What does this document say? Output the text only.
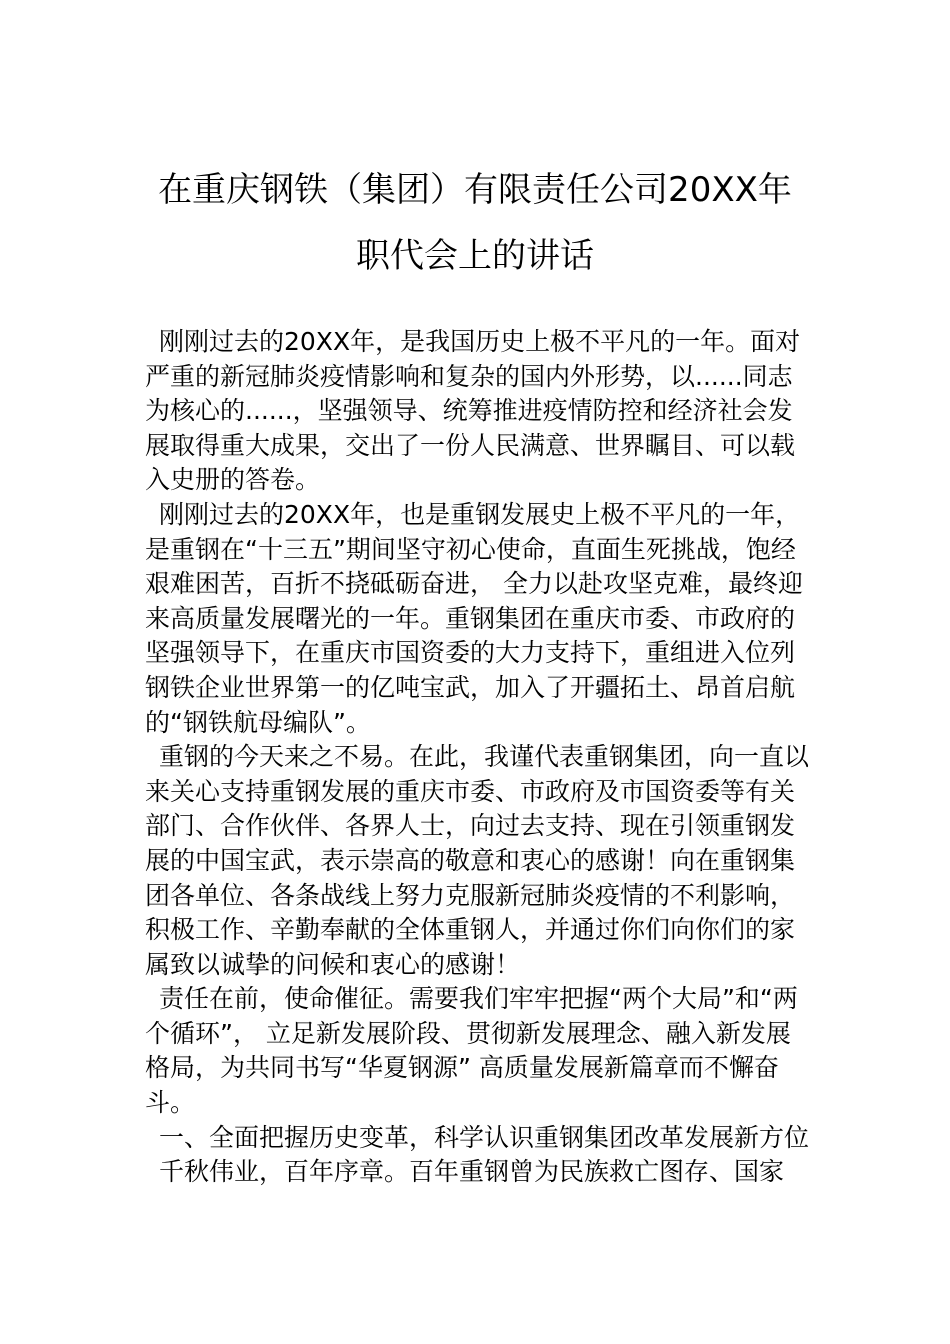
在重庆钢铁（集团）有限责任公司20XX年
职代会上的讲话

刚刚过去的20XX年，是我国历史上极不平凡的一年。面对严重的新冠肺炎疫情影响和复杂的国内外形势，以......同志为核心的......，坚强领导、统筹推进疫情防控和经济社会发展取得重大成果，交出了一份人民满意、世界瞩目、可以载入史册的答卷。

刚刚过去的20XX年，也是重钢发展史上极不平凡的一年，是重钢在“十三五”期间坚守初心使命，直面生死挑战，饱经艰难困苦，百折不挠砥砺奋进， 全力以赴攻坚克难，最终迎来高质量发展曙光的一年。重钢集团在重庆市委、市政府的坚强领导下，在重庆市国资委的大力支持下，重组进入位列钢铁企业世界第一的亿吨宝武，加入了开疆拓土、昂首启航的“钢铁航母编队”。

重钢的今天来之不易。在此，我谨代表重钢集团，向一直以来关心支持重钢发展的重庆市委、市政府及市国资委等有关部门、合作伙伴、各界人士，向过去支持、现在引领重钢发展的中国宝武，表示崇高的敬意和衷心的感谢！向在重钢集团各单位、各条战线上努力克服新冠肺炎疫情的不利影响，积极工作、辛勤奉献的全体重钢人，并通过你们向你们的家属致以诚挚的问候和衷心的感谢！

责任在前，使命催征。需要我们牢牢把握“两个大局”和“两个循环”， 立足新发展阶段、贯彻新发展理念、融入新发展格局，为共同书写“华夏钢源” 高质量发展新篇章而不懈奋斗。

一、全面把握历史变革，科学认识重钢集团改革发展新方位

千秋伟业，百年序章。百年重钢曾为民族救亡图存、国家
